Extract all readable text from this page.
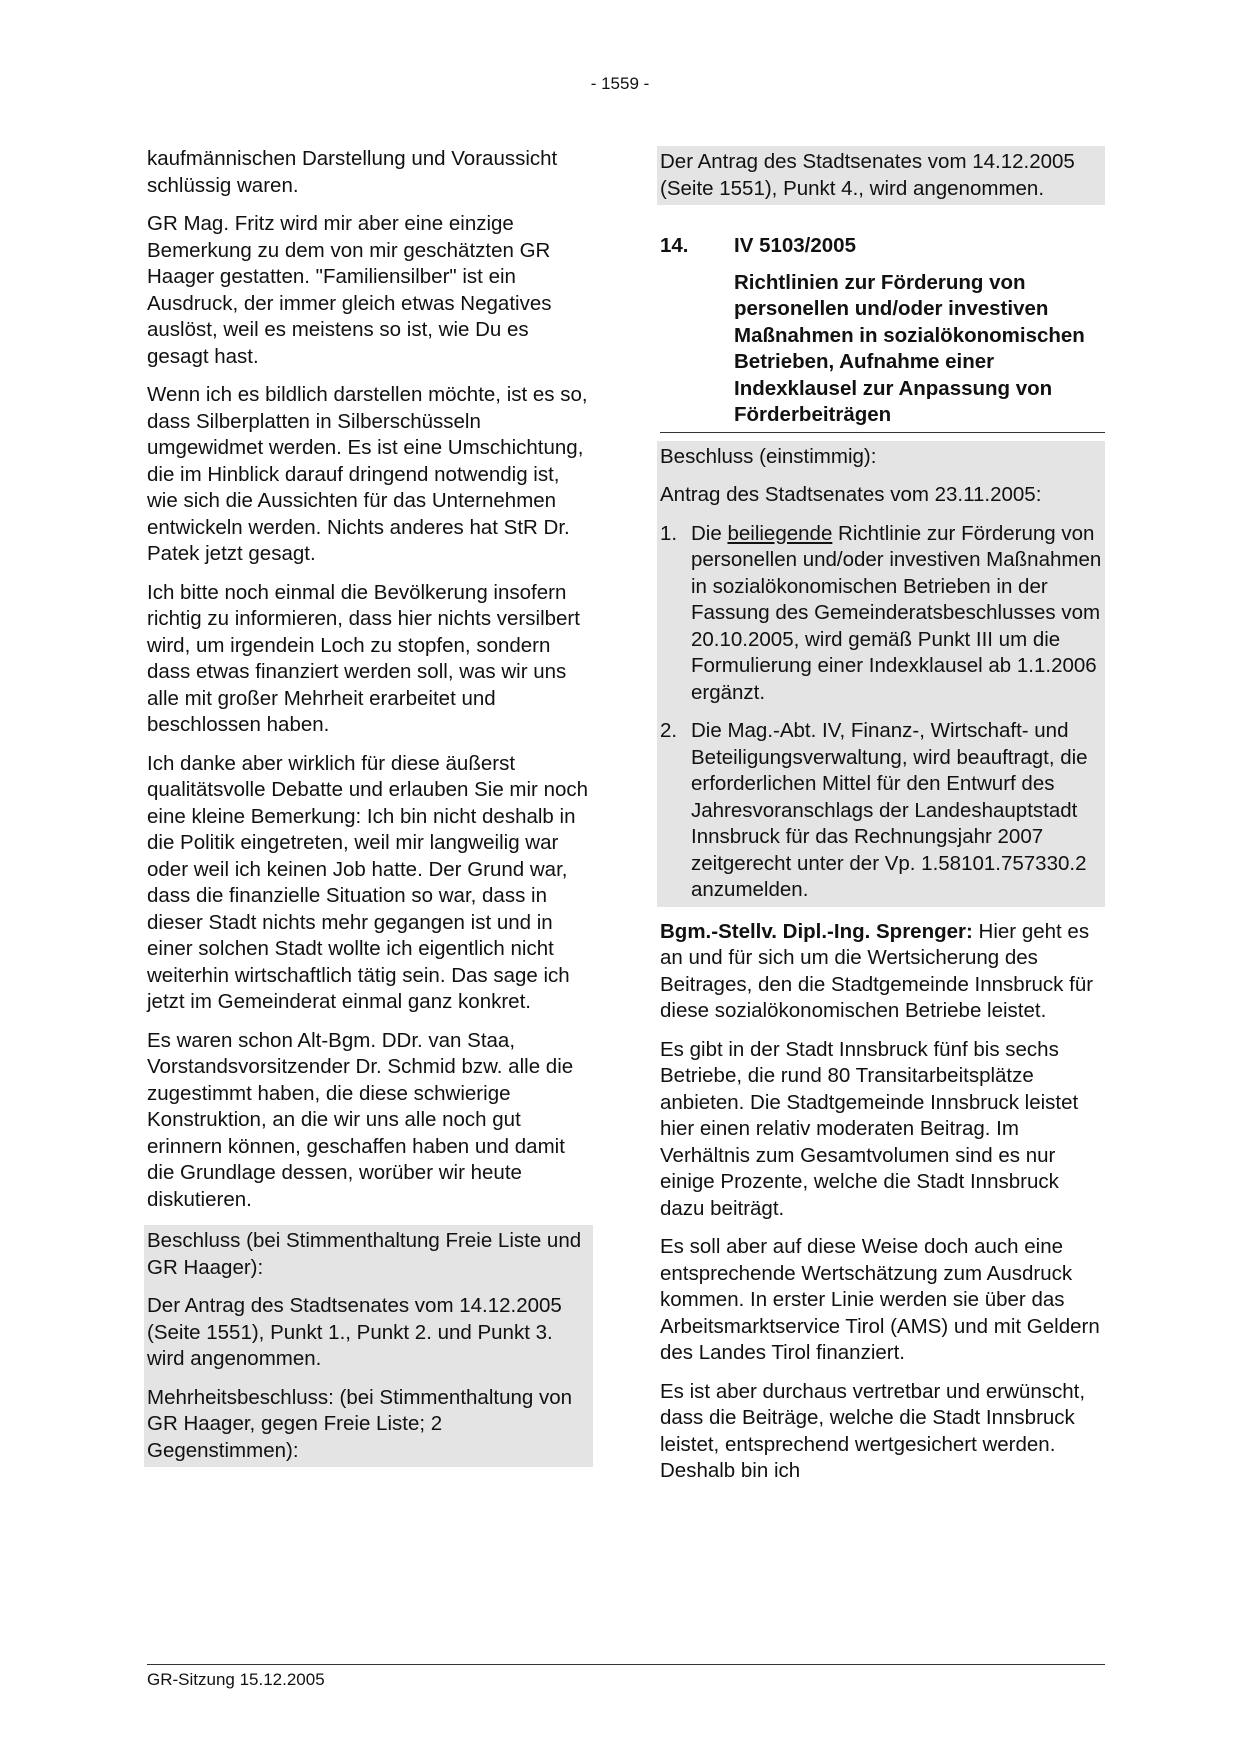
- 1559 -

kaufmännischen Darstellung und Voraussicht schlüssig waren.

GR Mag. Fritz wird mir aber eine einzige Bemerkung zu dem von mir geschätzten GR Haager gestatten. "Familiensilber" ist ein Ausdruck, der immer gleich etwas Negatives auslöst, weil es meistens so ist, wie Du es gesagt hast.

Wenn ich es bildlich darstellen möchte, ist es so, dass Silberplatten in Silberschüsseln umgewidmet werden. Es ist eine Umschichtung, die im Hinblick darauf dringend notwendig ist, wie sich die Aussichten für das Unternehmen entwickeln werden. Nichts anderes hat StR Dr. Patek jetzt gesagt.

Ich bitte noch einmal die Bevölkerung insofern richtig zu informieren, dass hier nichts versilbert wird, um irgendein Loch zu stopfen, sondern dass etwas finanziert werden soll, was wir uns alle mit großer Mehrheit erarbeitet und beschlossen haben.

Ich danke aber wirklich für diese äußerst qualitätsvolle Debatte und erlauben Sie mir noch eine kleine Bemerkung: Ich bin nicht deshalb in die Politik eingetreten, weil mir langweilig war oder weil ich keinen Job hatte. Der Grund war, dass die finanzielle Situation so war, dass in dieser Stadt nichts mehr gegangen ist und in einer solchen Stadt wollte ich eigentlich nicht weiterhin wirtschaftlich tätig sein. Das sage ich jetzt im Gemeinderat einmal ganz konkret.

Es waren schon Alt-Bgm. DDr. van Staa, Vorstandsvorsitzender Dr. Schmid bzw. alle die zugestimmt haben, die diese schwierige Konstruktion, an die wir uns alle noch gut erinnern können, geschaffen haben und damit die Grundlage dessen, worüber wir heute diskutieren.

Beschluss (bei Stimmenthaltung Freie Liste und GR Haager):

Der Antrag des Stadtsenates vom 14.12.2005 (Seite 1551), Punkt 1., Punkt 2. und Punkt 3. wird angenommen.

Mehrheitsbeschluss: (bei Stimmenthaltung von GR Haager, gegen Freie Liste; 2 Gegenstimmen):

Der Antrag des Stadtsenates vom 14.12.2005 (Seite 1551), Punkt 4., wird angenommen.

14.	IV 5103/2005
Richtlinien zur Förderung von personellen und/oder investiven Maßnahmen in sozialökonomischen Betrieben, Aufnahme einer Indexklausel zur Anpassung von Förderbeiträgen

Beschluss (einstimmig):

Antrag des Stadtsenates vom 23.11.2005:

1. Die beiliegende Richtlinie zur Förderung von personellen und/oder investiven Maßnahmen in sozialökonomischen Betrieben in der Fassung des Gemeinderatsbeschlusses vom 20.10.2005, wird gemäß Punkt III um die Formulierung einer Indexklausel ab 1.1.2006 ergänzt.
2. Die Mag.-Abt. IV, Finanz-, Wirtschaft- und Beteiligungsverwaltung, wird beauftragt, die erforderlichen Mittel für den Entwurf des Jahresvoranschlags der Landeshauptstadt Innsbruck für das Rechnungsjahr 2007 zeitgerecht unter der Vp. 1.58101.757330.2 anzumelden.

Bgm.-Stellv. Dipl.-Ing. Sprenger: Hier geht es an und für sich um die Wertsicherung des Beitrages, den die Stadtgemeinde Innsbruck für diese sozialökonomischen Betriebe leistet.

Es gibt in der Stadt Innsbruck fünf bis sechs Betriebe, die rund 80 Transitarbeitsplätze anbieten. Die Stadtgemeinde Innsbruck leistet hier einen relativ moderaten Beitrag. Im Verhältnis zum Gesamtvolumen sind es nur einige Prozente, welche die Stadt Innsbruck dazu beiträgt.

Es soll aber auf diese Weise doch auch eine entsprechende Wertschätzung zum Ausdruck kommen. In erster Linie werden sie über das Arbeitsmarktservice Tirol (AMS) und mit Geldern des Landes Tirol finanziert.

Es ist aber durchaus vertretbar und erwünscht, dass die Beiträge, welche die Stadt Innsbruck leistet, entsprechend wertgesichert werden. Deshalb bin ich

GR-Sitzung 15.12.2005
